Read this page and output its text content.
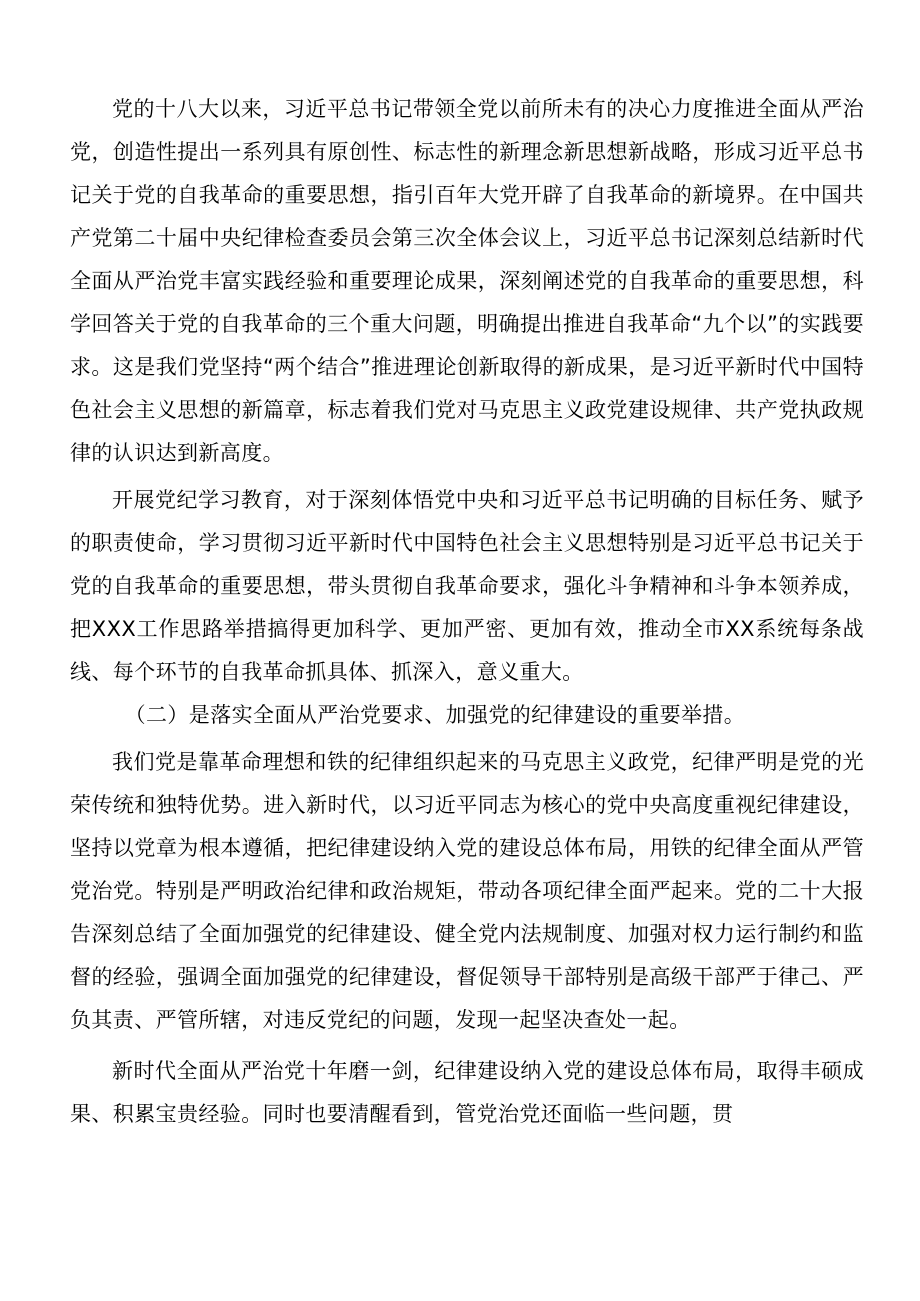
党的十八大以来，习近平总书记带领全党以前所未有的决心力度推进全面从严治党，创造性提出一系列具有原创性、标志性的新理念新思想新战略，形成习近平总书记关于党的自我革命的重要思想，指引百年大党开辟了自我革命的新境界。在中国共产党第二十届中央纪律检查委员会第三次全体会议上，习近平总书记深刻总结新时代全面从严治党丰富实践经验和重要理论成果，深刻阐述党的自我革命的重要思想，科学回答关于党的自我革命的三个重大问题，明确提出推进自我革命“九个以”的实践要求。这是我们党坚持“两个结合”推进理论创新取得的新成果，是习近平新时代中国特色社会主义思想的新篇章，标志着我们党对马克思主义政党建设规律、共产党执政规律的认识达到新高度。

开展党纪学习教育，对于深刻体悟党中央和习近平总书记明确的目标任务、赋予的职责使命，学习贯彻习近平新时代中国特色社会主义思想特别是习近平总书记关于党的自我革命的重要思想，带头贯彻自我革命要求，强化斗争精神和斗争本领养成，把XXX工作思路举措搞得更加科学、更加严密、更加有效，推动全市XX系统每条战线、每个环节的自我革命抓具体、抓深入，意义重大。

（二）是落实全面从严治党要求、加强党的纪律建设的重要举措。

我们党是靠革命理想和铁的纪律组织起来的马克思主义政党，纪律严明是党的光荣传统和独特优势。进入新时代，以习近平同志为核心的党中央高度重视纪律建设，坚持以党章为根本遵循，把纪律建设纳入党的建设总体布局，用铁的纪律全面从严管党治党。特别是严明政治纪律和政治规矩，带动各项纪律全面严起来。党的二十大报告深刻总结了全面加强党的纪律建设、健全党内法规制度、加强对权力运行制约和监督的经验，强调全面加强党的纪律建设，督促领导干部特别是高级干部严于律己、严负其责、严管所辖，对违反党纪的问题，发现一起坚决查处一起。

新时代全面从严治党十年磨一剑，纪律建设纳入党的建设总体布局，取得丰硕成果、积累宝贵经验。同时也要清醒看到，管党治党还面临一些问题，贯
